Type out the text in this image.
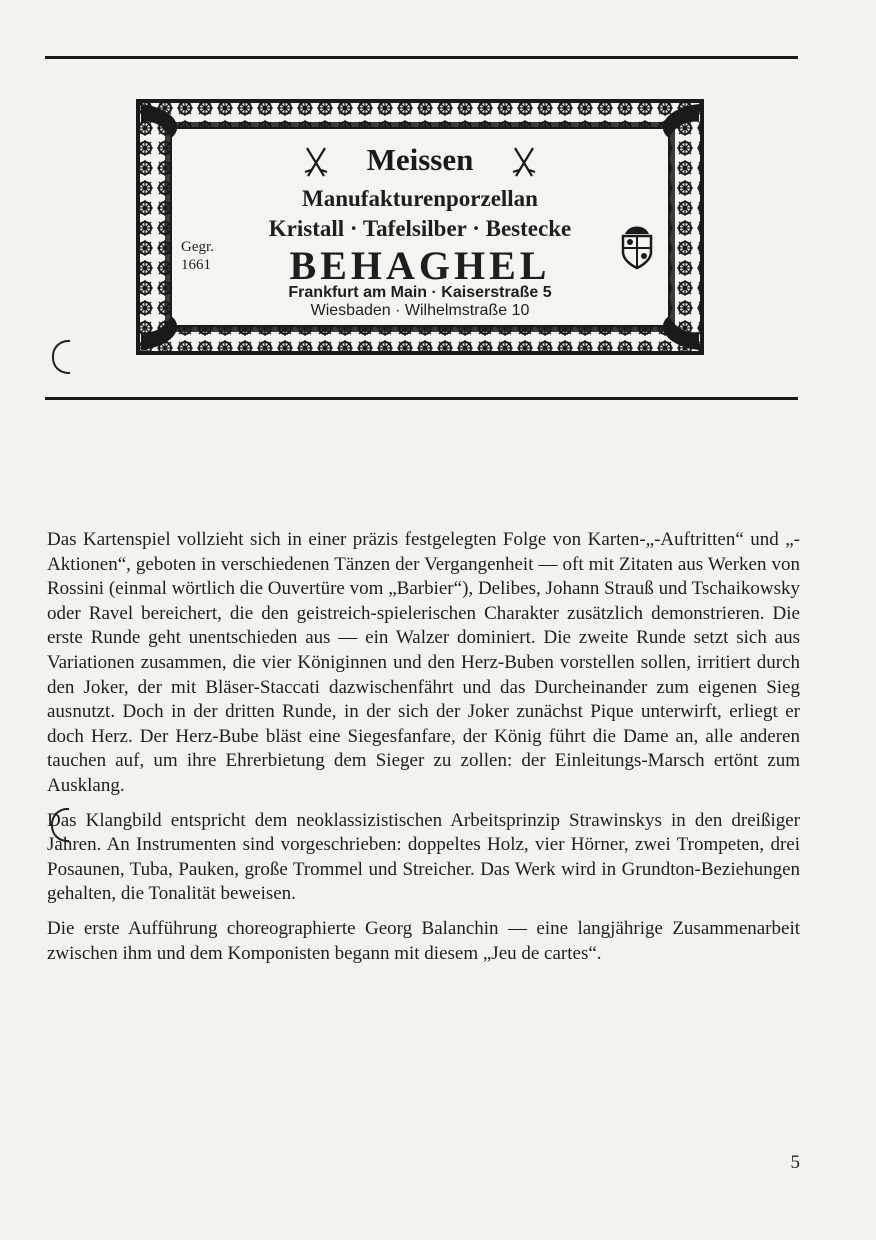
Meissen
Manufakturenporzellan
Kristall · Tafelsilber · Bestecke
Gegr.
1661	BEHAGHEL
Frankfurt am Main · Kaiserstraße 5
Wiesbaden · Wilhelmstraße 10

Das Kartenspiel vollzieht sich in einer präzis festgelegten Folge von Karten-„-Auftritten“ und „-Aktionen“, geboten in verschiedenen Tänzen der Vergangenheit — oft mit Zitaten aus Werken von Rossini (einmal wörtlich die Ouvertüre vom „Barbier“), Delibes, Johann Strauß und Tschaikowsky oder Ravel bereichert, die den geistreich-spielerischen Charakter zusätzlich demonstrieren. Die erste Runde geht unentschieden aus — ein Walzer dominiert. Die zweite Runde setzt sich aus Variationen zusammen, die vier Königinnen und den Herz-Buben vorstellen sollen, irritiert durch den Joker, der mit Bläser-Staccati dazwischenfährt und das Durcheinander zum eigenen Sieg ausnutzt. Doch in der dritten Runde, in der sich der Joker zunächst Pique unterwirft, erliegt er doch Herz. Der Herz-Bube bläst eine Siegesfanfare, der König führt die Dame an, alle anderen tauchen auf, um ihre Ehrerbietung dem Sieger zu zollen: der Einleitungs-Marsch ertönt zum Ausklang.

Das Klangbild entspricht dem neoklassizistischen Arbeitsprinzip Strawinskys in den dreißiger Jahren. An Instrumenten sind vorgeschrieben: doppeltes Holz, vier Hörner, zwei Trompeten, drei Posaunen, Tuba, Pauken, große Trommel und Streicher. Das Werk wird in Grundton-Beziehungen gehalten, die Tonalität beweisen.

Die erste Aufführung choreographierte Georg Balanchin — eine langjährige Zusammenarbeit zwischen ihm und dem Komponisten begann mit diesem „Jeu de cartes“.

5
